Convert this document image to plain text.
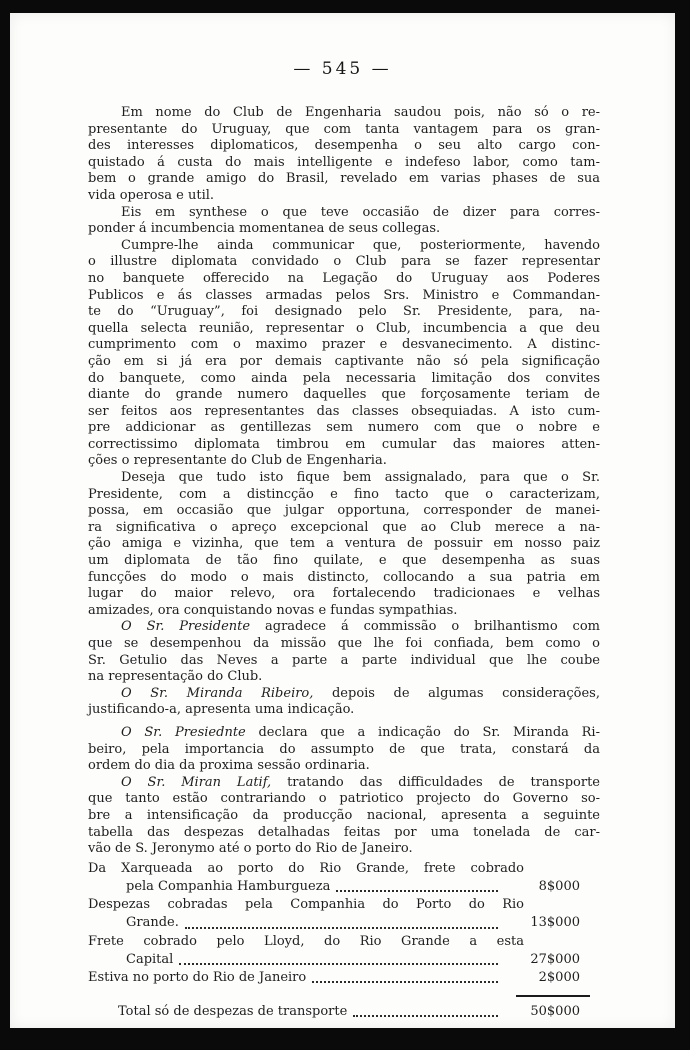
— 545 —
Em nome do Club de Engenharia saudou pois, não só o re-
presentante do Uruguay, que com tanta vantagem para os gran-
des interesses diplomaticos, desempenha o seu alto cargo con-
quistado á custa do mais intelligente e indefeso labor, como tam-
bem o grande amigo do Brasil, revelado em varias phases de sua
vida operosa e util.
Eis em synthese o que teve occasião de dizer para corres-
ponder á incumbencia momentanea de seus collegas.
Cumpre-lhe ainda communicar que, posteriormente, havendo
o illustre diplomata convidado o Club para se fazer representar
no banquete offerecido na Legação do Uruguay aos Poderes
Publicos e ás classes armadas pelos Srs. Ministro e Commandan-
te do “Uruguay”, foi designado pelo Sr. Presidente, para, na-
quella selecta reunião, representar o Club, incumbencia a que deu
cumprimento com o maximo prazer e desvanecimento. A distinc-
ção em si já era por demais captivante não só pela significação
do banquete, como ainda pela necessaria limitação dos convites
diante do grande numero daquelles que forçosamente teriam de
ser feitos aos representantes das classes obsequiadas. A isto cum-
pre addicionar as gentillezas sem numero com que o nobre e
correctissimo diplomata timbrou em cumular das maiores atten-
ções o representante do Club de Engenharia.
Deseja que tudo isto fique bem assignalado, para que o Sr.
Presidente, com a distincção e fino tacto que o caracterizam,
possa, em occasião que julgar opportuna, corresponder de manei-
ra significativa o apreço excepcional que ao Club merece a na-
ção amiga e vizinha, que tem a ventura de possuir em nosso paiz
um diplomata de tão fino quilate, e que desempenha as suas
funcções do modo o mais distincto, collocando a sua patria em
lugar do maior relevo, ora fortalecendo tradicionaes e velhas
amizades, ora conquistando novas e fundas sympathias.
O Sr. Presidente agradece á commissão o brilhantismo com
que se desempenhou da missão que lhe foi confiada, bem como o
Sr. Getulio das Neves a parte a parte individual que lhe coube
na representação do Club.
O Sr. Miranda Ribeiro, depois de algumas considerações,
justificando-a, apresenta uma indicação.
O Sr. Presiednte declara que a indicação do Sr. Miranda Ri-
beiro, pela importancia do assumpto de que trata, constará da
ordem do dia da proxima sessão ordinaria.
O Sr. Miran Latif, tratando das difficuldades de transporte
que tanto estão contrariando o patriotico projecto do Governo so-
bre a intensificação da producção nacional, apresenta a seguinte
tabella das despezas detalhadas feitas por uma tonelada de car-
vão de S. Jeronymo até o porto do Rio de Janeiro.
Da Xarqueada ao porto do Rio Grande, frete cobrado
pela Companhia Hamburgueza	8$000
Despezas cobradas pela Companhia do Porto do Rio
Grande.	13$000
Frete cobrado pelo Lloyd, do Rio Grande a esta
Capital	27$000
Estiva no porto do Rio de Janeiro	2$000
Total só de despezas de transporte	50$000
